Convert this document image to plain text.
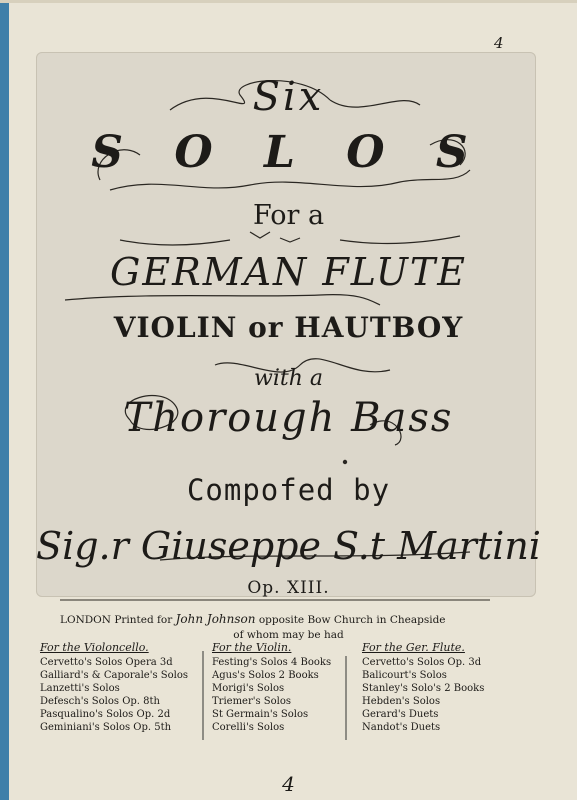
4
Six
S O L O S
For a
GERMAN FLUTE
VIOLIN or HAUTBOY
with a
Thorough Bass
Compofed by
Sig.r Giuseppe S.t Martini
Op. XIII.
LONDON Printed for John Johnson opposite Bow Church in Cheapside
of whom may be had
For the Violoncello.
Cervetto's Solos Opera 3d
Galliard's & Caporale's Solos
Lanzetti's Solos
Defesch's Solos Op. 8th
Pasqualino's Solos Op. 2d
Geminiani's Solos Op. 5th
For the Violin.
Festing's Solos 4 Books
Agus's Solos 2 Books
Morigi's Solos
Triemer's Solos
St Germain's Solos
Corelli's Solos
For the Ger. Flute.
Cervetto's Solos Op. 3d
Balicourt's Solos
Stanley's Solo's 2 Books
Hebden's Solos
Gerard's Duets
Nandot's Duets
4
